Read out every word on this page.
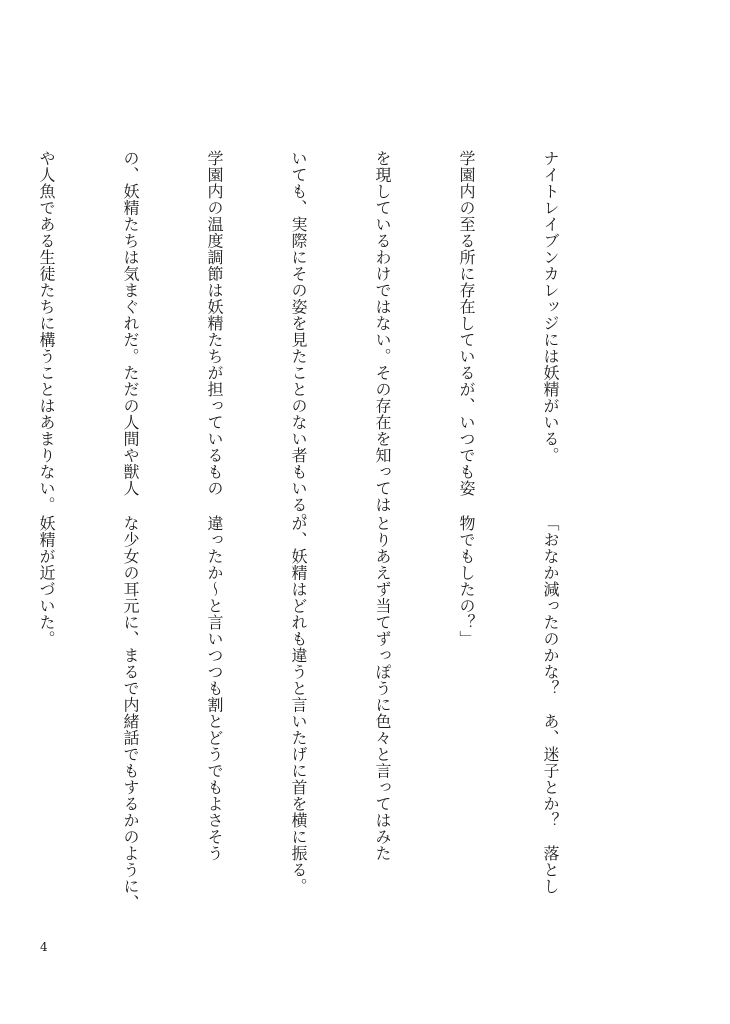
ナイトレイブンカレッジには妖精がいる。

学園内の至る所に存在しているが、いつでも姿

を現しているわけではない。その存在を知っては

いても、実際にその姿を見たことのない者もいる。

学園内の温度調節は妖精たちが担っているもの

の、妖精たちは気まぐれだ。ただの人間や獣人

や人魚である生徒たちに構うことはあまりない。

「おなか減ったのかな？　あ、迷子とか？　落とし

物でもしたの？」

とりあえず当てずっぽうに色々と言ってはみた

が、妖精はどれも違うと言いたげに首を横に振る。

違ったか〜と言いつつも割とどうでもよさそう

な少女の耳元に、まるで内緒話でもするかのように、

妖精が近づいた。

4
